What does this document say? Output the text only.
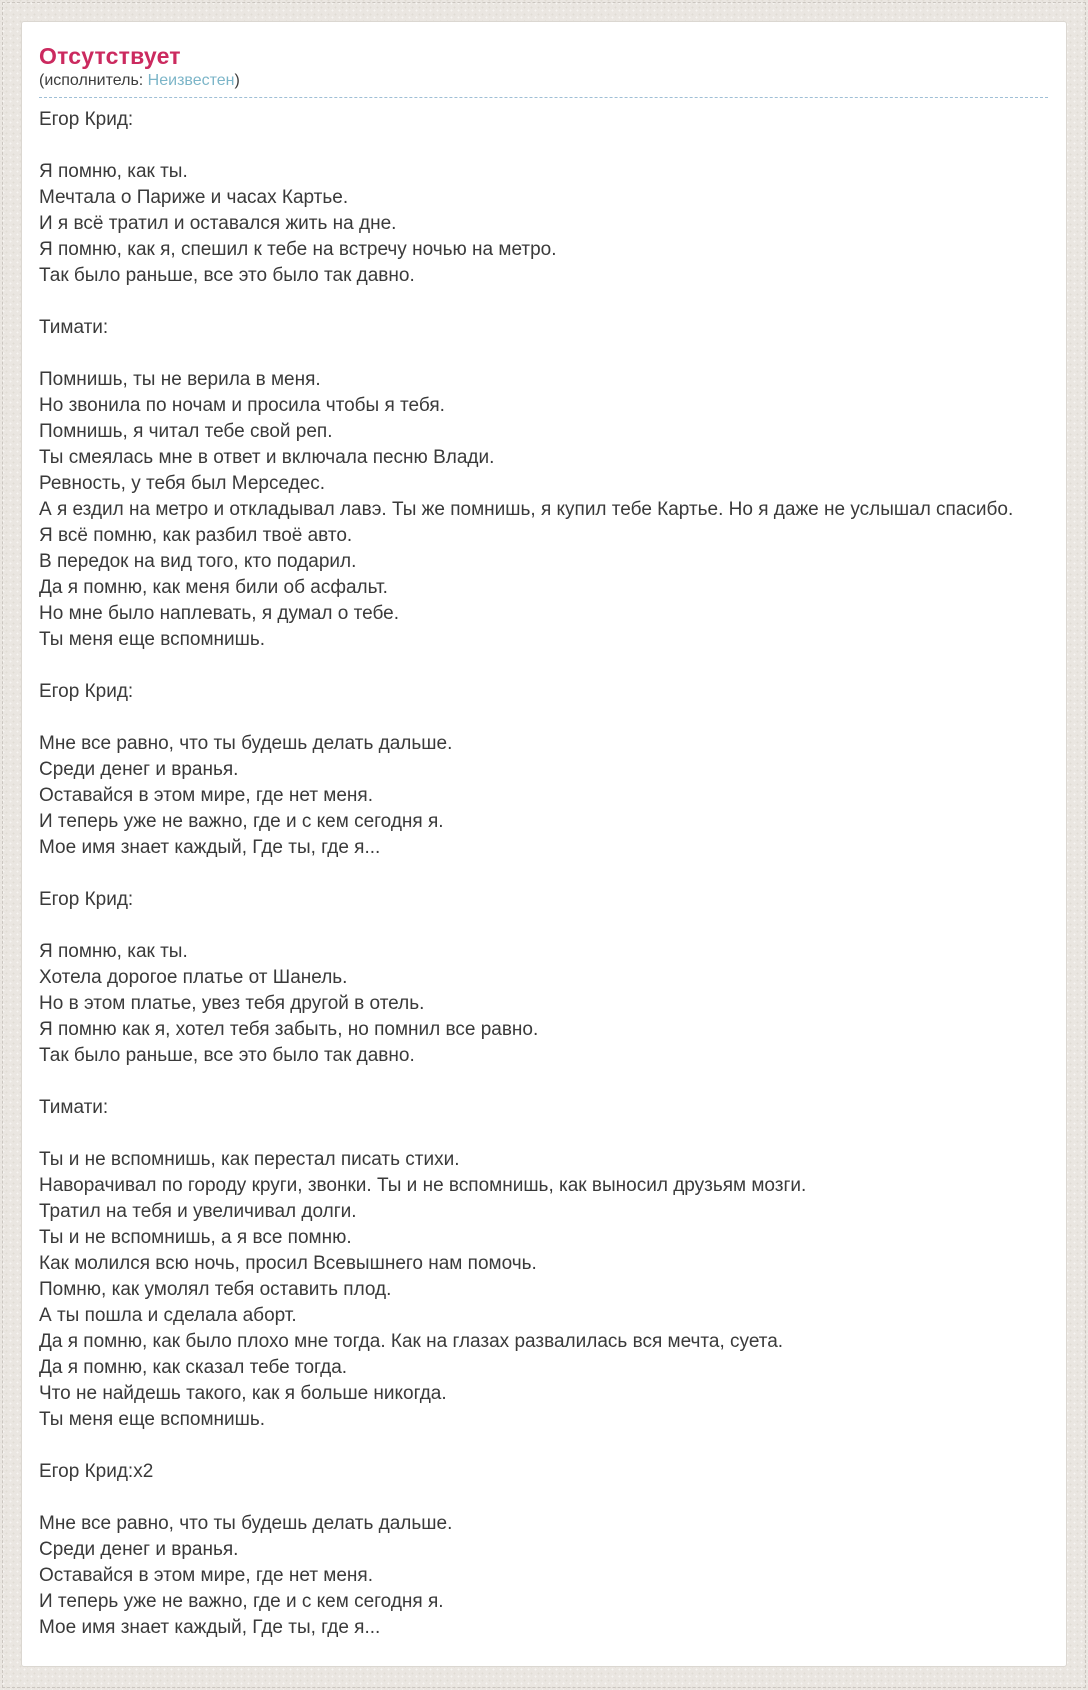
Отсутствует

(исполнитель: Неизвестен)

Егор Крид:

Я помню, как ты.
Мечтала о Париже и часах Картье.
И я всё тратил и оставался жить на дне.
Я помню, как я, спешил к тебе на встречу ночью на метро.
Так было раньше, все это было так давно.

Тимати:

Помнишь, ты не верила в меня.
Но звонила по ночам и просила чтобы я тебя.
Помнишь, я читал тебе свой реп.
Ты смеялась мне в ответ и включала песню Влади.
Ревность, у тебя был Мерседес.
А я ездил на метро и откладывал лавэ. Ты же помнишь, я купил тебе Картье. Но я даже не услышал спасибо.
Я всё помню, как разбил твоё авто.
В передок на вид того, кто подарил.
Да я помню, как меня били об асфальт.
Но мне было наплевать, я думал о тебе.
Ты меня еще вспомнишь.

Егор Крид:

Мне все равно, что ты будешь делать дальше.
Среди денег и вранья.
Оставайся в этом мире, где нет меня.
И теперь уже не важно, где и с кем сегодня я.
Мое имя знает каждый, Где ты, где я...

Егор Крид:

Я помню, как ты.
Хотела дорогое платье от Шанель.
Но в этом платье, увез тебя другой в отель.
Я помню как я, хотел тебя забыть, но помнил все равно.
Так было раньше, все это было так давно.

Тимати:

Ты и не вспомнишь, как перестал писать стихи.
Наворачивал по городу круги, звонки. Ты и не вспомнишь, как выносил друзьям мозги.
Тратил на тебя и увеличивал долги.
Ты и не вспомнишь, а я все помню.
Как молился всю ночь, просил Всевышнего нам помочь.
Помню, как умолял тебя оставить плод.
А ты пошла и сделала аборт.
Да я помню, как было плохо мне тогда. Как на глазах развалилась вся мечта, суета.
Да я помню, как сказал тебе тогда.
Что не найдешь такого, как я больше никогда.
Ты меня еще вспомнишь.

Егор Крид:x2

Мне все равно, что ты будешь делать дальше.
Среди денег и вранья.
Оставайся в этом мире, где нет меня.
И теперь уже не важно, где и с кем сегодня я.
Мое имя знает каждый, Где ты, где я...
